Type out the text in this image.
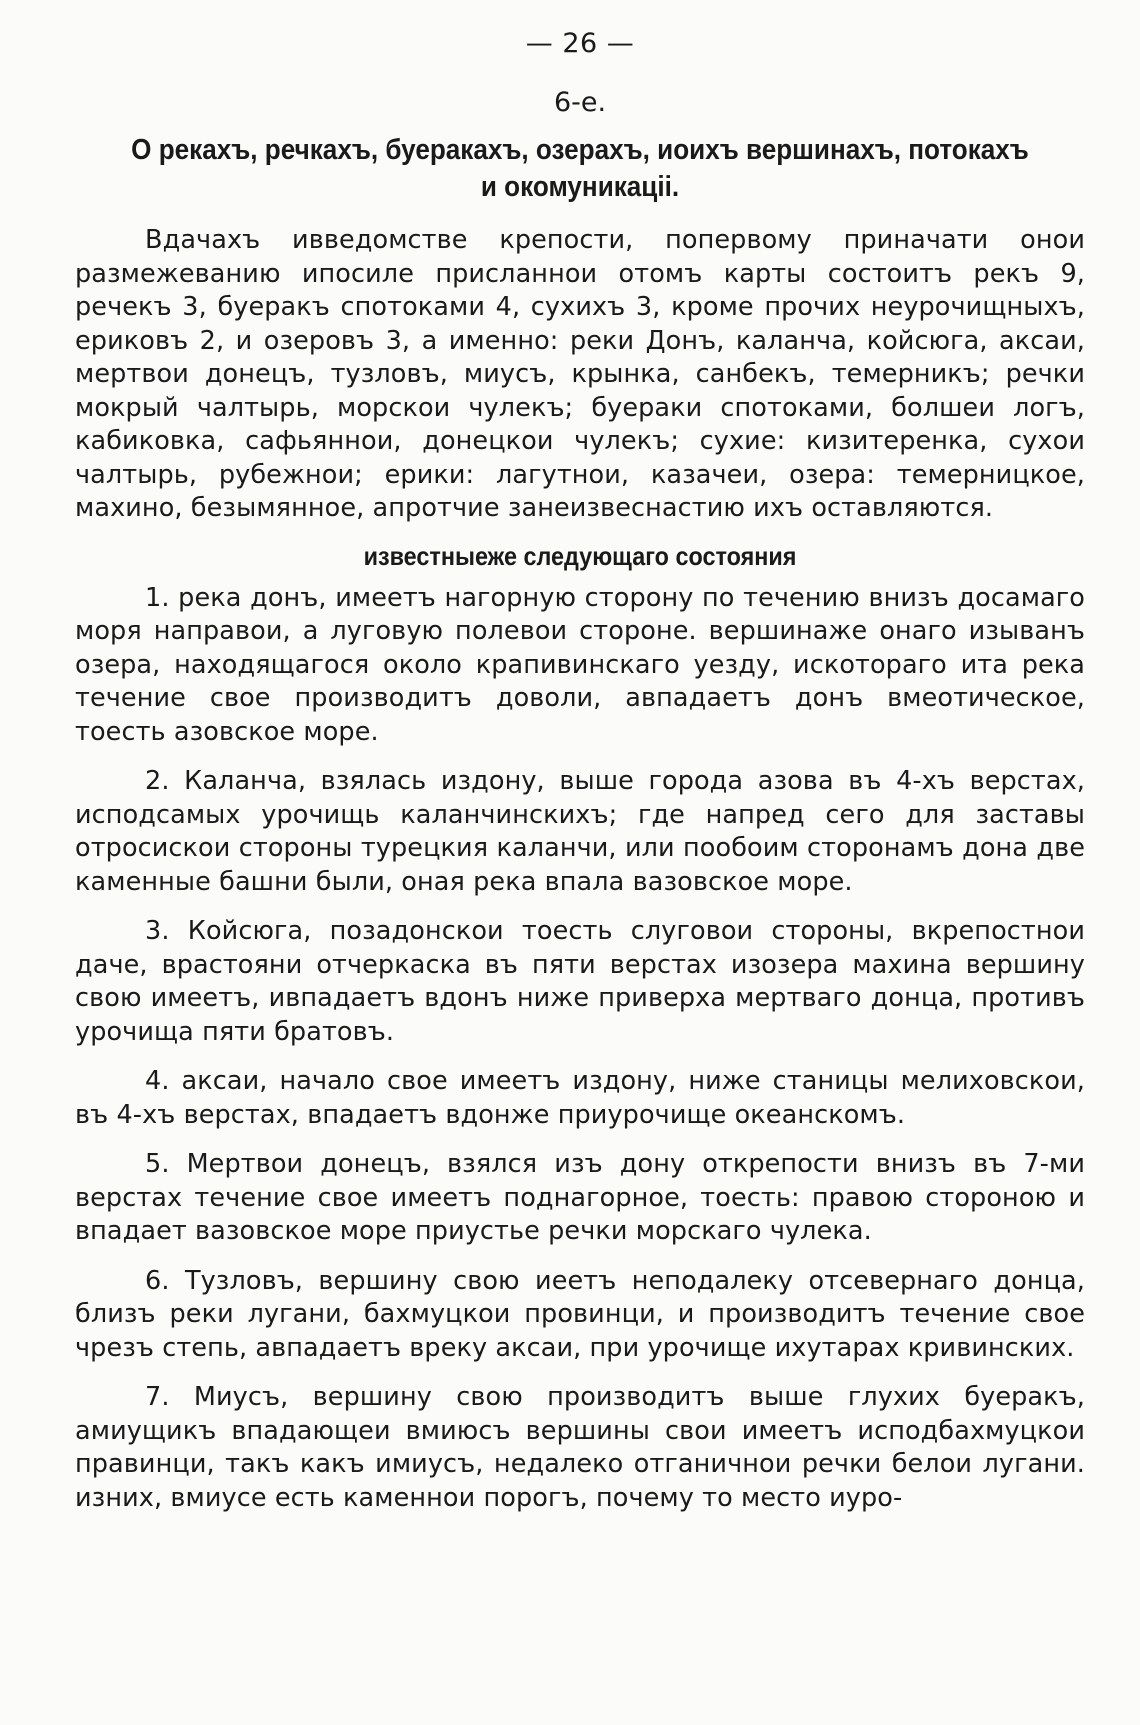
— 26 —
6-е.
О рекахъ, речкахъ, буеракахъ, озерахъ, иоихъ вершинахъ, потокахъ и окомуникацiі.

Вдачахъ ивведомстве крепости, попервому приначати онои размежеванию ипосиле присланнои отомъ карты состоитъ рекъ 9, речекъ 3, буеракъ спотоками 4, сухихъ 3, кроме прочих неурочищныхъ, ериковъ 2, и озеровъ 3, а именно: реки Донъ, каланча, койсюга, аксаи, мертвои донецъ, тузловъ, миусъ, крынка, санбекъ, темерникъ; речки мокрый чалтырь, морскои чулекъ; буераки спотоками, болшеи логъ, кабиковка, сафьяннои, донецкои чулекъ; сухие: кизитеренка, сухои чалтырь, рубежнои; ерики: лагутнои, казачеи, озера: темерницкое, махино, безымянное, апротчие занеизвеснастию ихъ оставляются.

известныеже следующаго состояния

1. река донъ, имеетъ нагорную сторону по течению внизъ досамаго моря направои, а луговую полевои стороне. вершинаже онаго изыванъ озера, находящагося около крапивинскаго уезду, искотораго ита река течение свое производитъ доволи, авпадаетъ донъ вмеотическое, тоесть азовское море.

2. Каланча, взялась издону, выше города азова въ 4-хъ верстах, исподсамых урочищь каланчинскихъ; где напред сего для заставы отросискои стороны турецкия каланчи, или пообоим сторонамъ дона две каменные башни были, оная река впала вазовское море.

3. Койсюга, позадонскои тоесть слуговои стороны, вкрепостнои даче, врастояни отчеркаска въ пяти верстах изозера махина вершину свою имеетъ, ивпадаетъ вдонъ ниже приверха мертваго донца, противъ урочища пяти братовъ.

4. аксаи, начало свое имеетъ издону, ниже станицы мелиховскои, въ 4-хъ верстах, впадаетъ вдонже приурочище океанскомъ.

5. Мертвои донецъ, взялся изъ дону открепости внизъ въ 7-ми верстах течение свое имеетъ поднагорное, тоесть: правою стороною и впадает вазовское море приустье речки морскаго чулека.

6. Тузловъ, вершину свою иеетъ неподалеку отсевернаго донца, близъ реки лугани, бахмуцкои провинци, и производитъ течение свое чрезъ степь, авпадаетъ вреку аксаи, при урочище ихутарах кривинских.

7. Миусъ, вершину свою производитъ выше глухих буеракъ, амиущикъ впадающеи вмиюсъ вершины свои имеетъ исподбахмуцкои правинци, такъ какъ имиусъ, недалеко отганичнои речки белои лугани. изних, вмиусе есть каменнои порогъ, почему то место иуро-
